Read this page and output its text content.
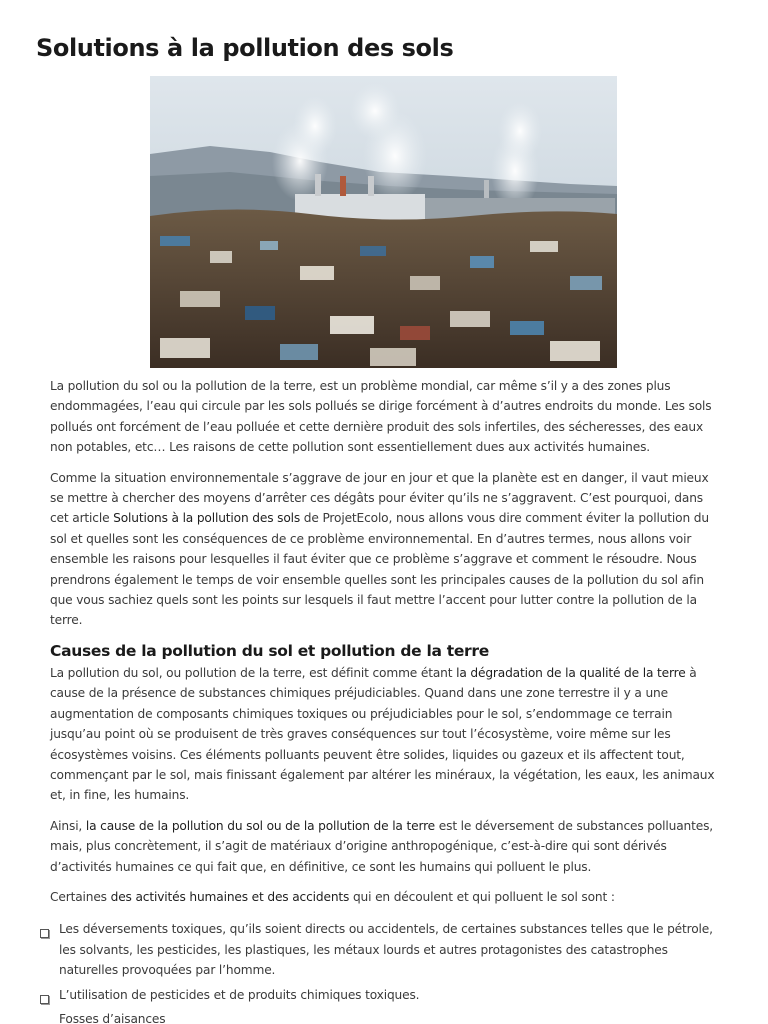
Solutions à la pollution des sols

La pollution du sol ou la pollution de la terre, est un problème mondial, car même s’il y a des zones plus endommagées, l’eau qui circule par les sols pollués se dirige forcément à d’autres endroits du monde. Les sols pollués ont forcément de l’eau polluée et cette dernière produit des sols infertiles, des sécheresses, des eaux non potables, etc… Les raisons de cette pollution sont essentiellement dues aux activités humaines.

Comme la situation environnementale s’aggrave de jour en jour et que la planète est en danger, il vaut mieux se mettre à chercher des moyens d’arrêter ces dégâts pour éviter qu’ils ne s’aggravent. C’est pourquoi, dans cet article Solutions à la pollution des sols de ProjetEcolo, nous allons vous dire comment éviter la pollution du sol et quelles sont les conséquences de ce problème environnemental. En d’autres termes, nous allons voir ensemble les raisons pour lesquelles il faut éviter que ce problème s’aggrave et comment le résoudre. Nous prendrons également le temps de voir ensemble quelles sont les principales causes de la pollution du sol afin que vous sachiez quels sont les points sur lesquels il faut mettre l’accent pour lutter contre la pollution de la terre.

Causes de la pollution du sol et pollution de la terre

La pollution du sol, ou pollution de la terre, est définit comme étant la dégradation de la qualité de la terre à cause de la présence de substances chimiques préjudiciables. Quand dans une zone terrestre il y a une augmentation de composants chimiques toxiques ou préjudiciables pour le sol, s’endommage ce terrain jusqu’au point où se produisent de très graves conséquences sur tout l’écosystème, voire même sur les écosystèmes voisins. Ces éléments polluants peuvent être solides, liquides ou gazeux et ils affectent tout, commençant par le sol, mais finissant également par altérer les minéraux, la végétation, les eaux, les animaux et, in fine, les humains.

Ainsi, la cause de la pollution du sol ou de la pollution de la terre est le déversement de substances polluantes, mais, plus concrètement, il s’agit de matériaux d’origine anthropogénique, c’est-à-dire qui sont dérivés d’activités humaines ce qui fait que, en définitive, ce sont les humains qui polluent le plus.

Certaines des activités humaines et des accidents qui en découlent et qui polluent le sol sont :

Les déversements toxiques, qu’ils soient directs ou accidentels, de certaines substances telles que le pétrole, les solvants, les pesticides, les plastiques, les métaux lourds et autres protagonistes des catastrophes naturelles provoquées par l’homme.
L’utilisation de pesticides et de produits chimiques toxiques.
Fosses d’aisances
